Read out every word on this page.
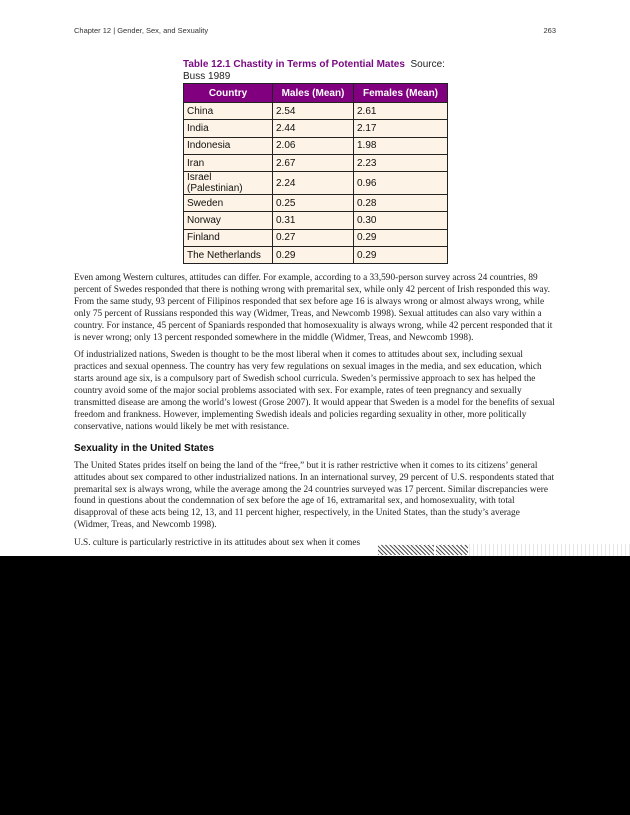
Chapter 12 | Gender, Sex, and Sexuality	263
Table 12.1 Chastity in Terms of Potential Mates Source: Buss 1989
Country	Males (Mean)	Females (Mean)
China	2.54	2.61
India	2.44	2.17
Indonesia	2.06	1.98
Iran	2.67	2.23
Israel (Palestinian)	2.24	0.96
Sweden	0.25	0.28
Norway	0.31	0.30
Finland	0.27	0.29
The Netherlands	0.29	0.29

Even among Western cultures, attitudes can differ. For example, according to a 33,590-person survey across 24 countries, 89 percent of Swedes responded that there is nothing wrong with premarital sex, while only 42 percent of Irish responded this way. From the same study, 93 percent of Filipinos responded that sex before age 16 is always wrong or almost always wrong, while only 75 percent of Russians responded this way (Widmer, Treas, and Newcomb 1998). Sexual attitudes can also vary within a country. For instance, 45 percent of Spaniards responded that homosexuality is always wrong, while 42 percent responded that it is never wrong; only 13 percent responded somewhere in the middle (Widmer, Treas, and Newcomb 1998).

Of industrialized nations, Sweden is thought to be the most liberal when it comes to attitudes about sex, including sexual practices and sexual openness. The country has very few regulations on sexual images in the media, and sex education, which starts around age six, is a compulsory part of Swedish school curricula. Sweden’s permissive approach to sex has helped the country avoid some of the major social problems associated with sex. For example, rates of teen pregnancy and sexually transmitted disease are among the world’s lowest (Grose 2007). It would appear that Sweden is a model for the benefits of sexual freedom and frankness. However, implementing Swedish ideals and policies regarding sexuality in other, more politically conservative, nations would likely be met with resistance.

Sexuality in the United States

The United States prides itself on being the land of the “free,” but it is rather restrictive when it comes to its citizens’ general attitudes about sex compared to other industrialized nations. In an international survey, 29 percent of U.S. respondents stated that premarital sex is always wrong, while the average among the 24 countries surveyed was 17 percent. Similar discrepancies were found in questions about the condemnation of sex before the age of 16, extramarital sex, and homosexuality, with total disapproval of these acts being 12, 13, and 11 percent higher, respectively, in the United States, than the study’s average (Widmer, Treas, and Newcomb 1998).

U.S. culture is particularly restrictive in its attitudes about sex when it comes
